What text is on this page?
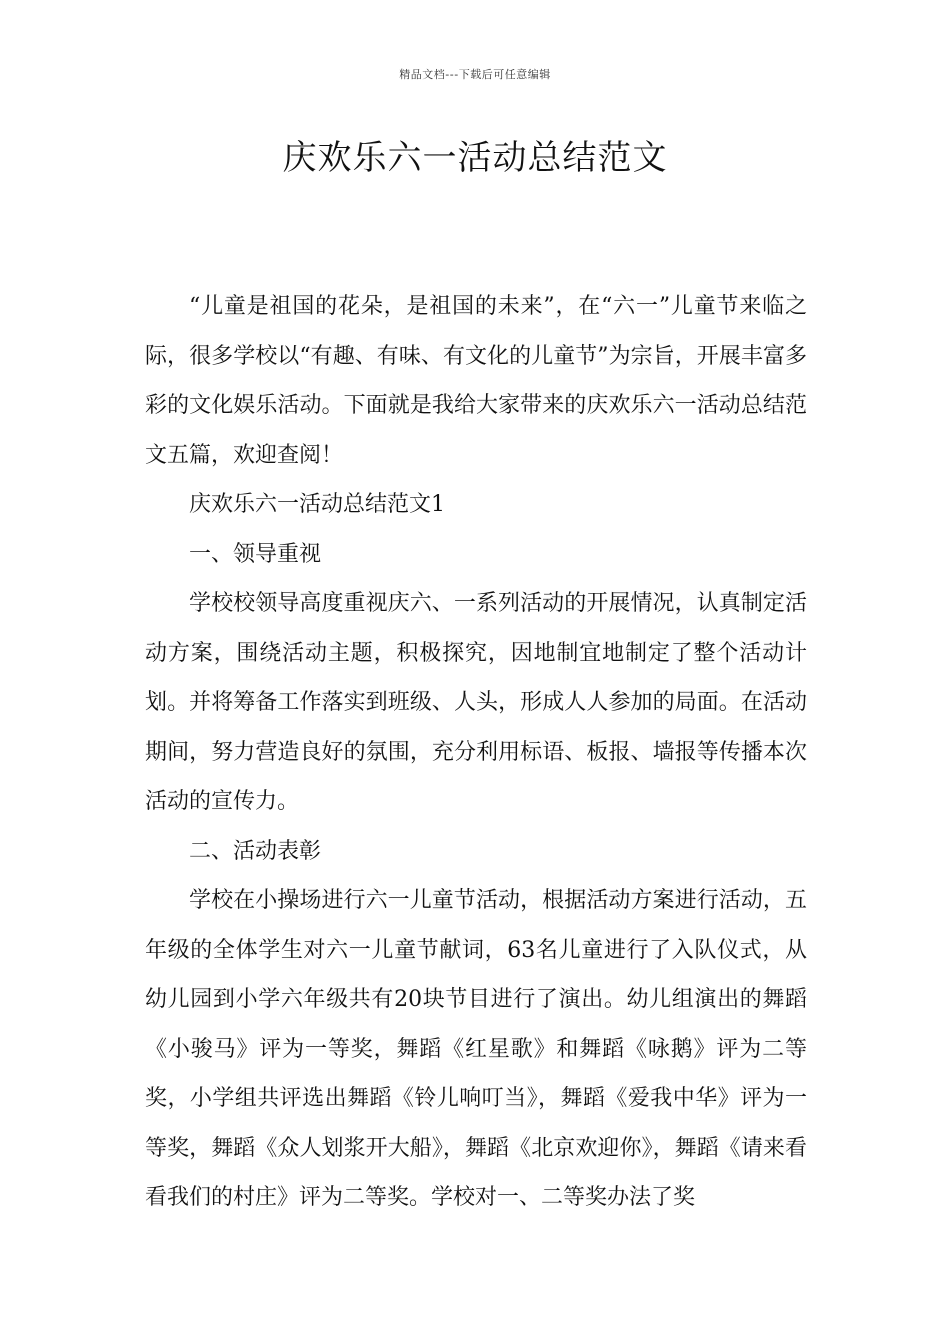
精品文档---下载后可任意编辑
庆欢乐六一活动总结范文

“儿童是祖国的花朵，是祖国的未来”，在“六一”儿童节来临之际，很多学校以“有趣、有味、有文化的儿童节”为宗旨，开展丰富多彩的文化娱乐活动。下面就是我给大家带来的庆欢乐六一活动总结范文五篇，欢迎查阅！

庆欢乐六一活动总结范文1

一、领导重视

学校校领导高度重视庆六、一系列活动的开展情况，认真制定活动方案，围绕活动主题，积极探究，因地制宜地制定了整个活动计划。并将筹备工作落实到班级、人头，形成人人参加的局面。在活动期间，努力营造良好的氛围，充分利用标语、板报、墙报等传播本次活动的宣传力。

二、活动表彰

学校在小操场进行六一儿童节活动，根据活动方案进行活动，五年级的全体学生对六一儿童节献词，63名儿童进行了入队仪式，从幼儿园到小学六年级共有20块节目进行了演出。幼儿组演出的舞蹈《小骏马》评为一等奖，舞蹈《红星歌》和舞蹈《咏鹅》评为二等奖，小学组共评选出舞蹈《铃儿响叮当》，舞蹈《爱我中华》评为一等奖，舞蹈《众人划浆开大船》，舞蹈《北京欢迎你》，舞蹈《请来看看我们的村庄》评为二等奖。学校对一、二等奖办法了奖
